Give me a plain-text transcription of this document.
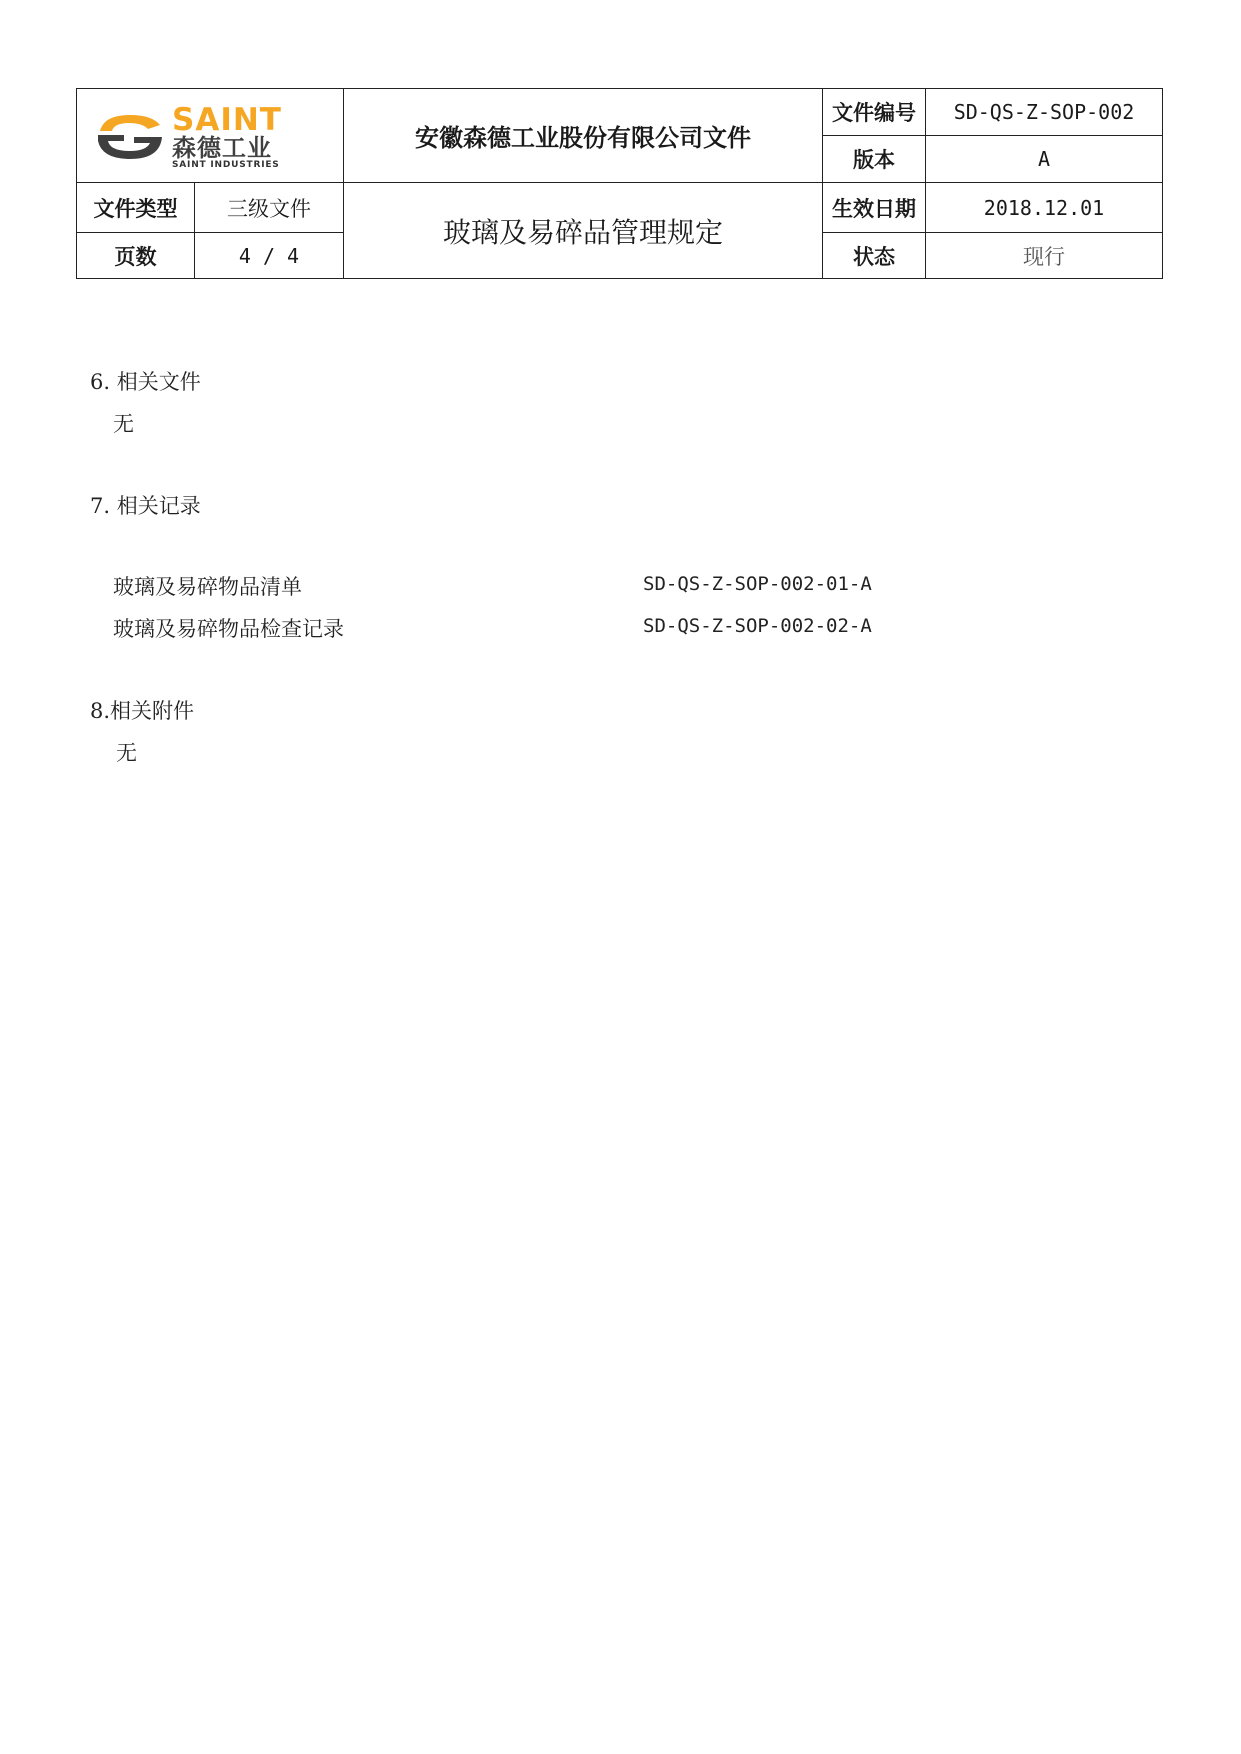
SAINT
森德工业
SAINT INDUSTRIES		安徽森德工业股份有限公司文件	文件编号	SD-QS-Z-SOP-002
			版本	A
文件类型	三级文件	玻璃及易碎品管理规定	生效日期	2018.12.01
页数	4 / 4		状态	现行
6. 相关文件
无
7. 相关记录
玻璃及易碎物品清单	SD-QS-Z-SOP-002-01-A
玻璃及易碎物品检查记录	SD-QS-Z-SOP-002-02-A
8.相关附件
无
